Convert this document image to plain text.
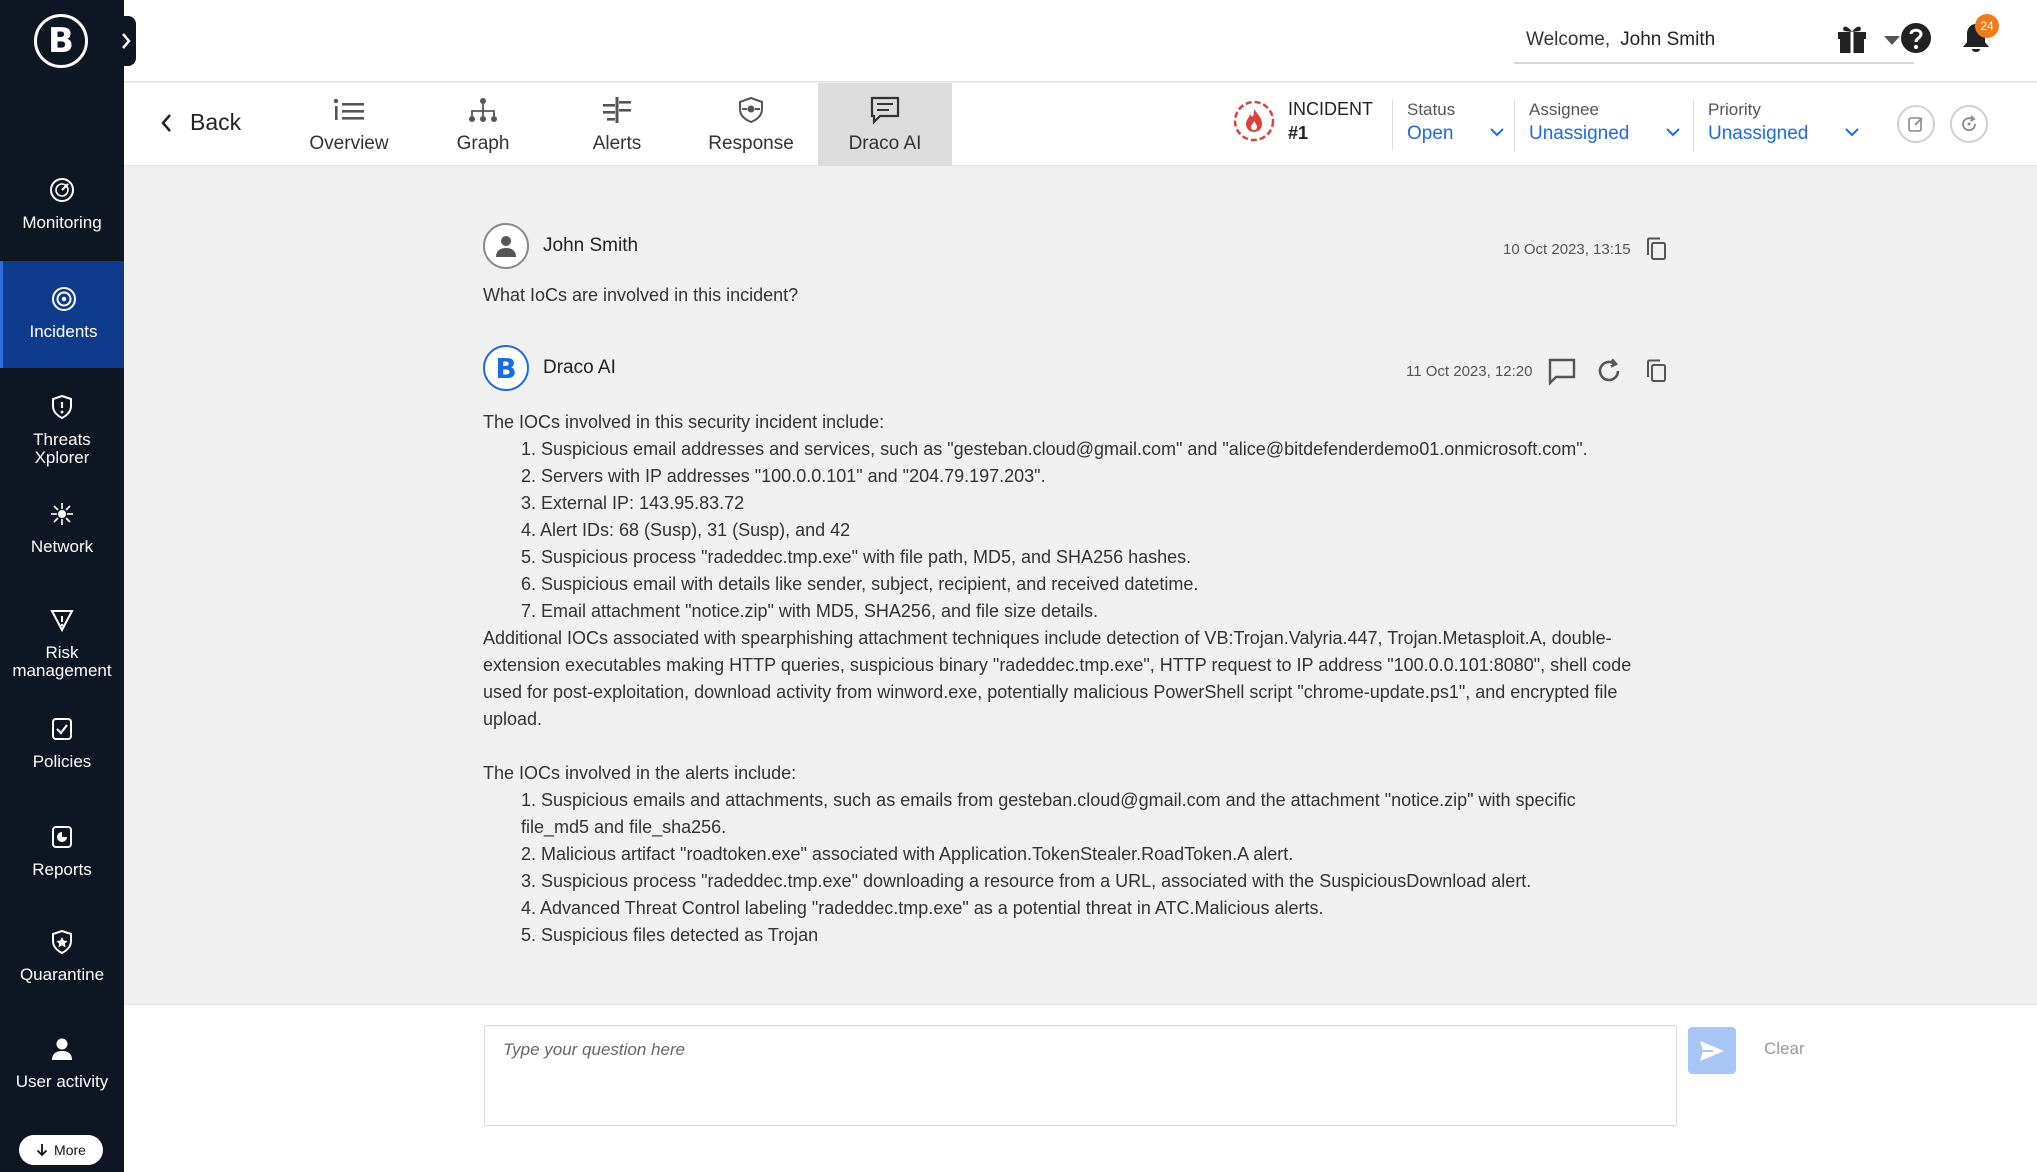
B
Monitoring
Incidents
Threats
Xplorer
Network
Risk
management
Policies
Reports
Quarantine
User activity
More
Welcome, John Smith
24
Back
Overview	Graph	Alerts	Response	Draco AI
INCIDENT
#1
Status
Open
Assignee
Unassigned
Priority
Unassigned
John Smith	10 Oct 2023, 13:15
What IoCs are involved in this incident?
B	Draco AI	11 Oct 2023, 12:20
The IOCs involved in this security incident include:
1. Suspicious email addresses and services, such as "gesteban.cloud@gmail.com" and "alice@bitdefenderdemo01.onmicrosoft.com".
2. Servers with IP addresses "100.0.0.101" and "204.79.197.203".
3. External IP: 143.95.83.72
4. Alert IDs: 68 (Susp), 31 (Susp), and 42
5. Suspicious process "radeddec.tmp.exe" with file path, MD5, and SHA256 hashes.
6. Suspicious email with details like sender, subject, recipient, and received datetime.
7. Email attachment "notice.zip" with MD5, SHA256, and file size details.
Additional IOCs associated with spearphishing attachment techniques include detection of VB:Trojan.Valyria.447, Trojan.Metasploit.A, double-extension executables making HTTP queries, suspicious binary "radeddec.tmp.exe", HTTP request to IP address "100.0.0.101:8080", shell code used for post-exploitation, download activity from winword.exe, potentially malicious PowerShell script "chrome-update.ps1", and encrypted file upload.
The IOCs involved in the alerts include:
1. Suspicious emails and attachments, such as emails from gesteban.cloud@gmail.com and the attachment "notice.zip" with specific file_md5 and file_sha256.
2. Malicious artifact "roadtoken.exe" associated with Application.TokenStealer.RoadToken.A alert.
3. Suspicious process "radeddec.tmp.exe" downloading a resource from a URL, associated with the SuspiciousDownload alert.
4. Advanced Threat Control labeling "radeddec.tmp.exe" as a potential threat in ATC.Malicious alerts.
5. Suspicious files detected as Trojan
Type your question here	Clear
